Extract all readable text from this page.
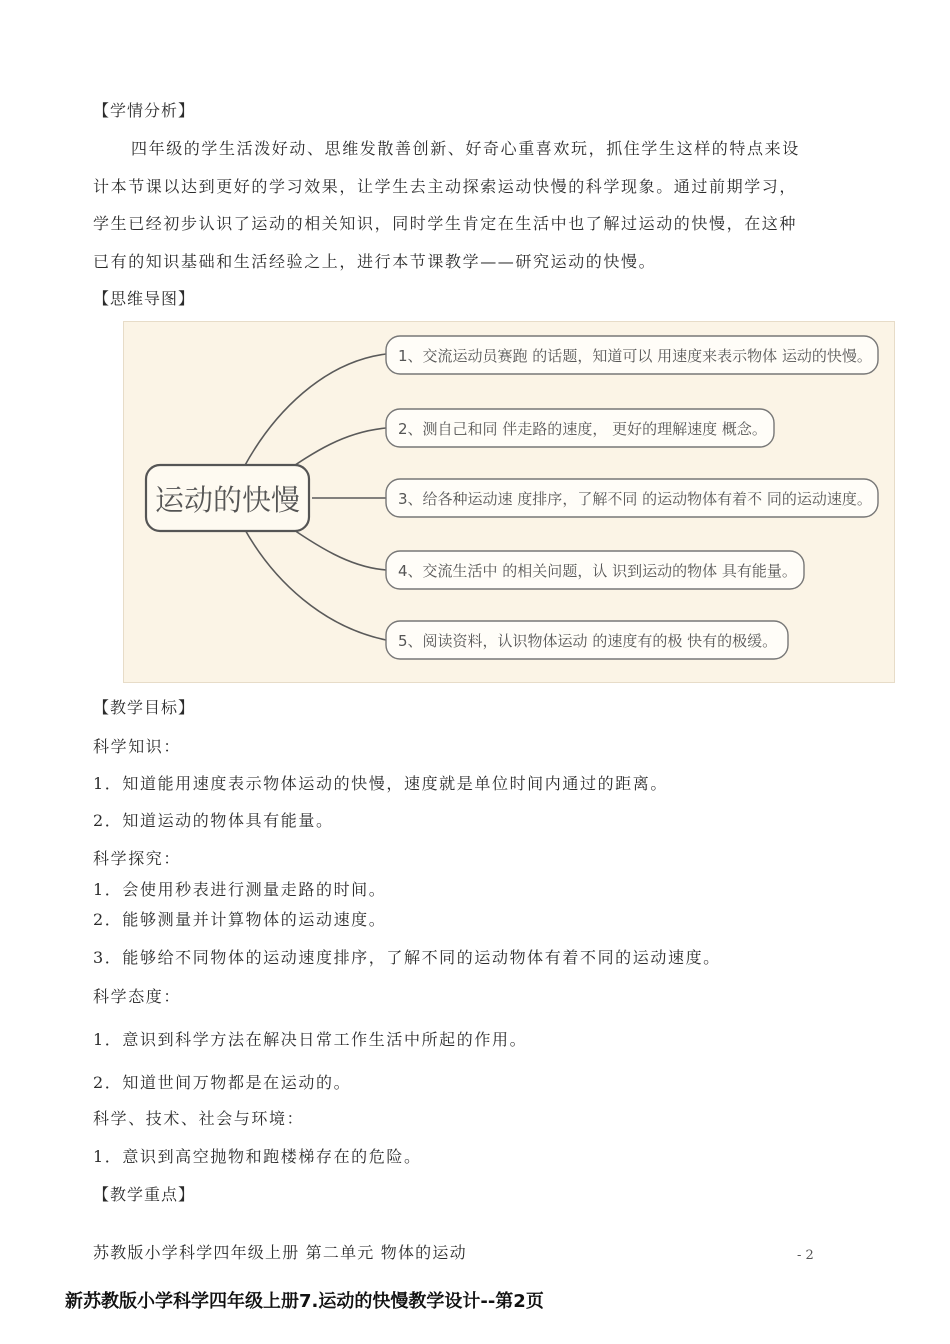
【学情分析】
四年级的学生活泼好动、思维发散善创新、好奇心重喜欢玩，抓住学生这样的特点来设
计本节课以达到更好的学习效果，让学生去主动探索运动快慢的科学现象。通过前期学习，
学生已经初步认识了运动的相关知识，同时学生肯定在生活中也了解过运动的快慢，在这种
已有的知识基础和生活经验之上，进行本节课教学——研究运动的快慢。
【思维导图】
运动的快慢
1、交流运动员赛跑 的话题，知道可以 用速度来表示物体 运动的快慢。
2、测自己和同 伴走路的速度， 更好的理解速度 概念。
3、给各种运动速 度排序，了解不同 的运动物体有着不 同的运动速度。
4、交流生活中 的相关问题，认 识到运动的物体 具有能量。
5、阅读资料，认识物体运动 的速度有的极 快有的极缓。
【教学目标】
科学知识：
1．知道能用速度表示物体运动的快慢，速度就是单位时间内通过的距离。
2．知道运动的物体具有能量。
科学探究：
1．会使用秒表进行测量走路的时间。
2．能够测量并计算物体的运动速度。
3．能够给不同物体的运动速度排序，了解不同的运动物体有着不同的运动速度。
科学态度：
1．意识到科学方法在解决日常工作生活中所起的作用。
2．知道世间万物都是在运动的。
科学、技术、社会与环境：
1．意识到高空抛物和跑楼梯存在的危险。
【教学重点】
苏教版小学科学四年级上册 第二单元 物体的运动	- 2
新苏教版小学科学四年级上册7.运动的快慢教学设计--第2页
